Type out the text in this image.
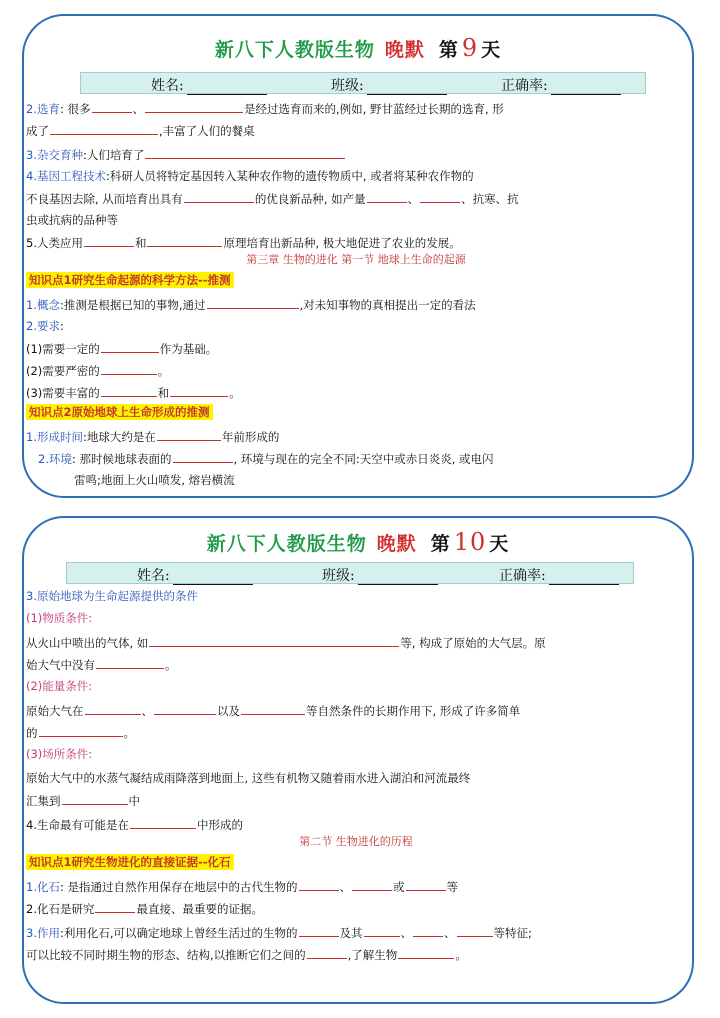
新八下人教版生物 晚默 第 9 天
姓名:	班级:	正确率:
2.选育: 很多	、	是经过选育而来的,例如, 野甘蓝经过长期的选育, 形
成了	,丰富了人们的餐桌
3.杂交育种:人们培育了
4.基因工程技术:科研人员将特定基因转入某种农作物的遗传物质中, 或者将某种农作物的
不良基因去除, 从而培育出具有	的优良新品种, 如产量	、	、抗寒、抗
虫或抗病的品种等
5.人类应用	和	原理培育出新品种, 极大地促进了农业的发展。
第三章 生物的进化 第一节 地球上生命的起源
知识点1研究生命起源的科学方法--推测
1.概念:推测是根据已知的事物,通过	,对未知事物的真相提出一定的看法
2.要求:
(1)需要一定的	作为基础。
(2)需要严密的	。
(3)需要丰富的	和	。
知识点2原始地球上生命形成的推测
1.形成时间:地球大约是在	年前形成的
2.环境: 那时候地球表面的	, 环境与现在的完全不同:天空中或赤日炎炎, 或电闪
雷鸣;地面上火山喷发, 熔岩横流
新八下人教版生物 晚默 第 10 天
姓名:	班级:	正确率:
3.原始地球为生命起源提供的条件
(1)物质条件:
从火山中喷出的气体, 如	等, 构成了原始的大气层。原
始大气中没有	。
(2)能量条件:
原始大气在	、	以及	等自然条件的长期作用下, 形成了许多简单
的	。
(3)场所条件:
原始大气中的水蒸气凝结成雨降落到地面上, 这些有机物又随着雨水进入湖泊和河流最终
汇集到	中
4.生命最有可能是在	中形成的
第二节 生物进化的历程
知识点1研究生物进化的直接证据--化石
1.化石: 是指通过自然作用保存在地层中的古代生物的	、	或	等
2.化石是研究	最直接、最重要的证据。
3.作用:利用化石,可以确定地球上曾经生活过的生物的	及其	、	、	等特征;
可以比较不同时期生物的形态、结构,以推断它们之间的	,了解生物	。
